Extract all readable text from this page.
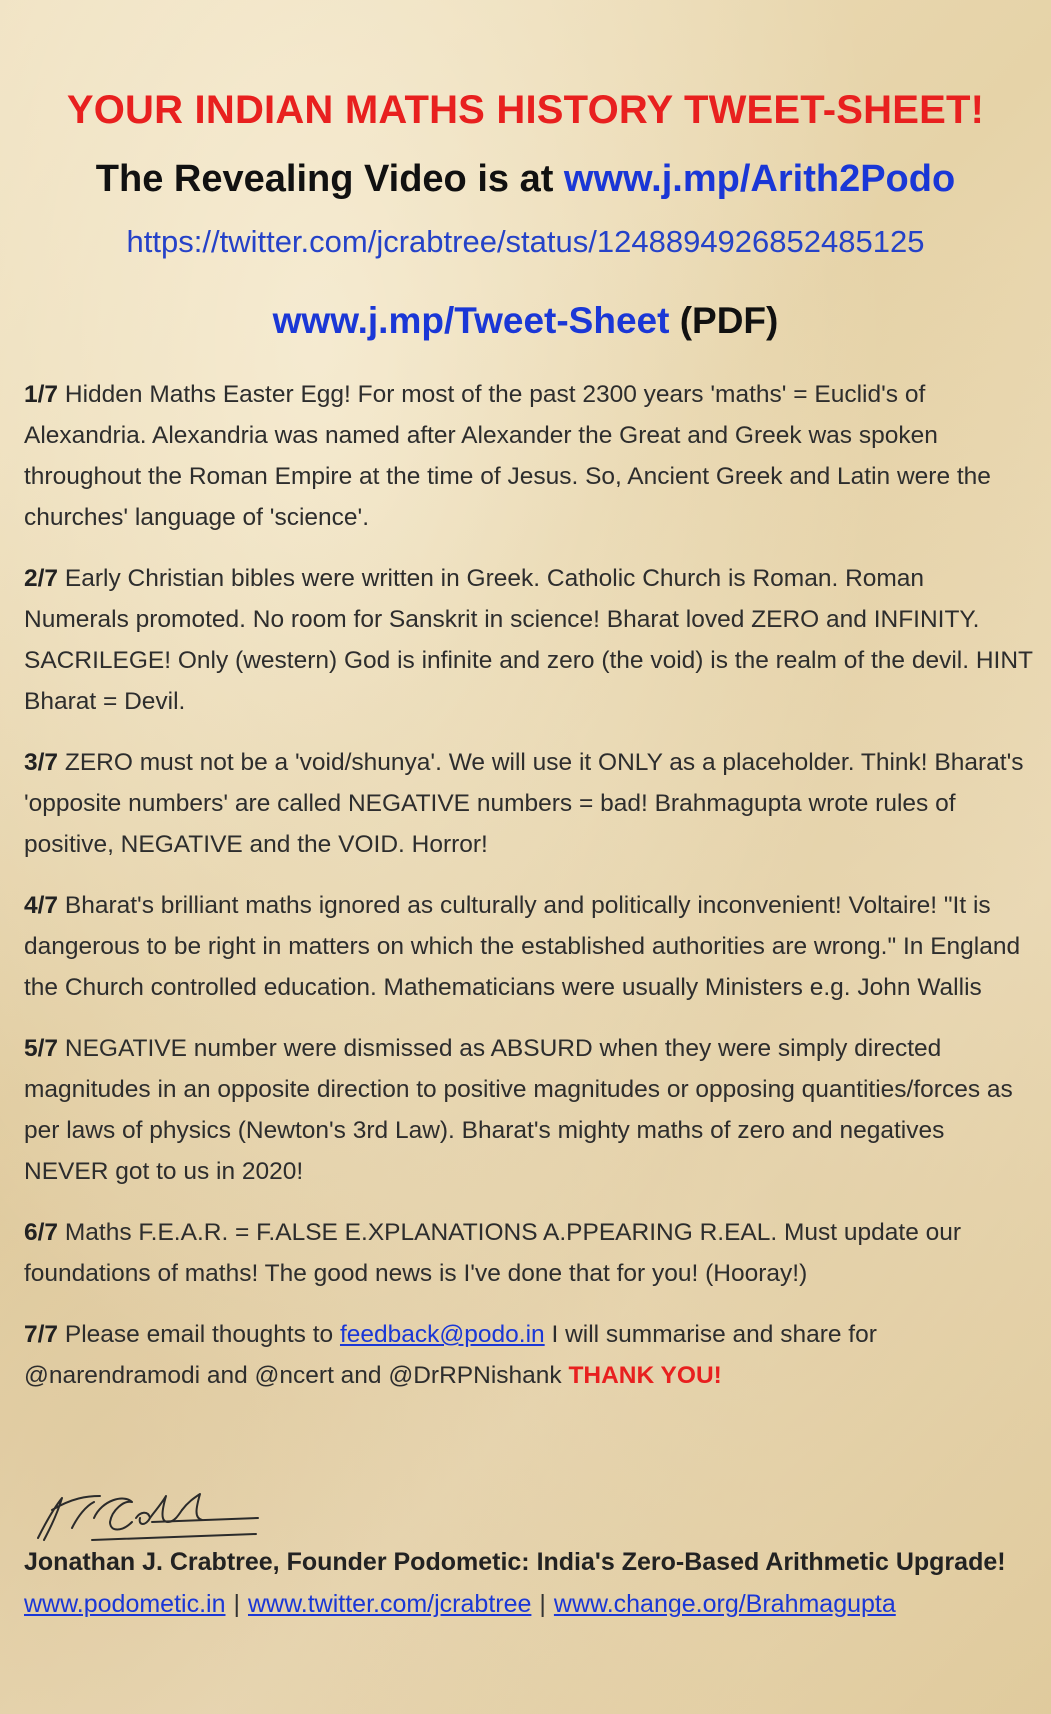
YOUR INDIAN MATHS HISTORY TWEET-SHEET!
The Revealing Video is at www.j.mp/Arith2Podo
https://twitter.com/jcrabtree/status/1248894926852485125
www.j.mp/Tweet-Sheet (PDF)

1/7 Hidden Maths Easter Egg! For most of the past 2300 years 'maths' = Euclid's of Alexandria. Alexandria was named after Alexander the Great and Greek was spoken throughout the Roman Empire at the time of Jesus. So, Ancient Greek and Latin were the churches' language of 'science'.

2/7 Early Christian bibles were written in Greek. Catholic Church is Roman. Roman Numerals promoted. No room for Sanskrit in science! Bharat loved ZERO and INFINITY. SACRILEGE! Only (western) God is infinite and zero (the void) is the realm of the devil. HINT Bharat = Devil.

3/7 ZERO must not be a 'void/shunya'. We will use it ONLY as a placeholder. Think! Bharat's 'opposite numbers' are called NEGATIVE numbers = bad! Brahmagupta wrote rules of positive, NEGATIVE and the VOID. Horror!

4/7 Bharat's brilliant maths ignored as culturally and politically inconvenient! Voltaire! "It is dangerous to be right in matters on which the established authorities are wrong." In England the Church controlled education. Mathematicians were usually Ministers e.g. John Wallis

5/7 NEGATIVE number were dismissed as ABSURD when they were simply directed magnitudes in an opposite direction to positive magnitudes or opposing quantities/forces as per laws of physics (Newton's 3rd Law). Bharat's mighty maths of zero and negatives NEVER got to us in 2020!

6/7 Maths F.E.A.R. = F.ALSE E.XPLANATIONS A.PPEARING R.EAL. Must update our foundations of maths! The good news is I've done that for you! (Hooray!)

7/7 Please email thoughts to feedback@podo.in I will summarise and share for @narendramodi and @ncert and @DrRPNishank THANK YOU!

Jonathan J. Crabtree, Founder Podometic: India's Zero-Based Arithmetic Upgrade!
www.podometic.in | www.twitter.com/jcrabtree | www.change.org/Brahmagupta
